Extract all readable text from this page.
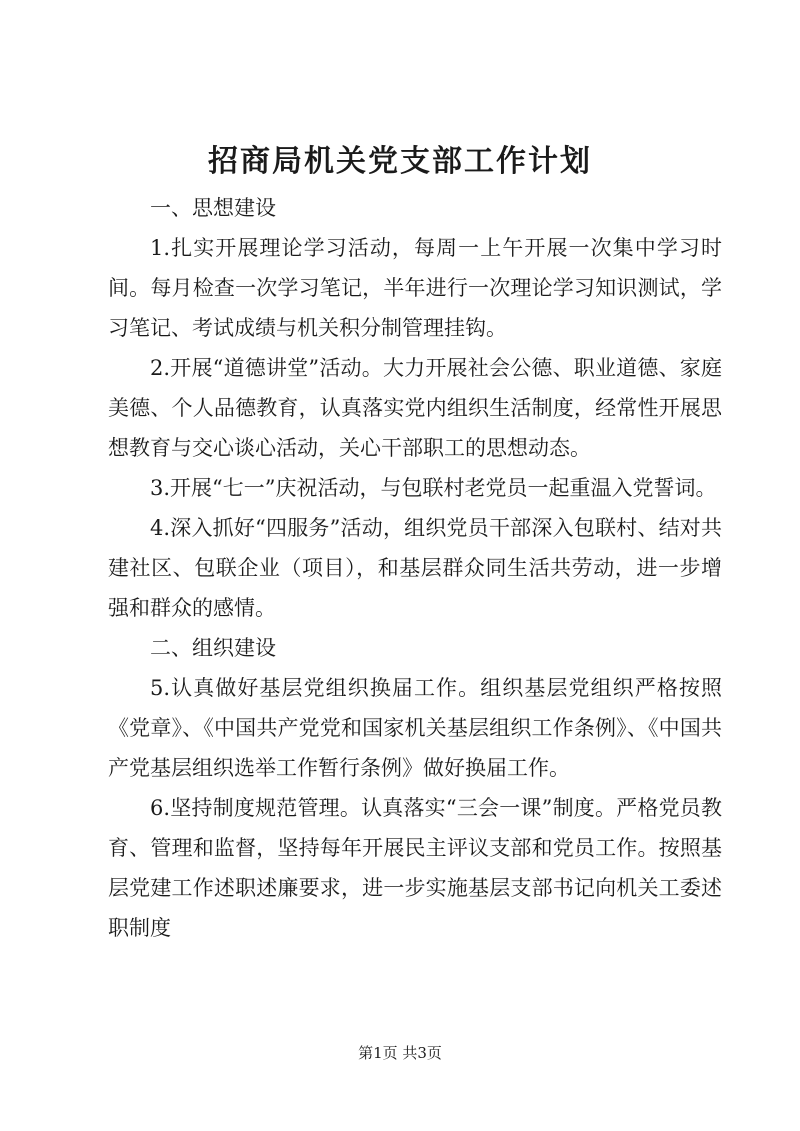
招商局机关党支部工作计划

一、思想建设

1.扎实开展理论学习活动，每周一上午开展一次集中学习时间。每月检查一次学习笔记，半年进行一次理论学习知识测试，学习笔记、考试成绩与机关积分制管理挂钩。

2.开展“道德讲堂”活动。大力开展社会公德、职业道德、家庭美德、个人品德教育，认真落实党内组织生活制度，经常性开展思想教育与交心谈心活动，关心干部职工的思想动态。

3.开展“七一”庆祝活动，与包联村老党员一起重温入党誓词。

4.深入抓好“四服务”活动，组织党员干部深入包联村、结对共建社区、包联企业（项目），和基层群众同生活共劳动，进一步增强和群众的感情。

二、组织建设

5.认真做好基层党组织换届工作。组织基层党组织严格按照《党章》、《中国共产党党和国家机关基层组织工作条例》、《中国共产党基层组织选举工作暂行条例》做好换届工作。

6.坚持制度规范管理。认真落实“三会一课”制度。严格党员教育、管理和监督，坚持每年开展民主评议支部和党员工作。按照基层党建工作述职述廉要求，进一步实施基层支部书记向机关工委述职制度

第1页 共3页
